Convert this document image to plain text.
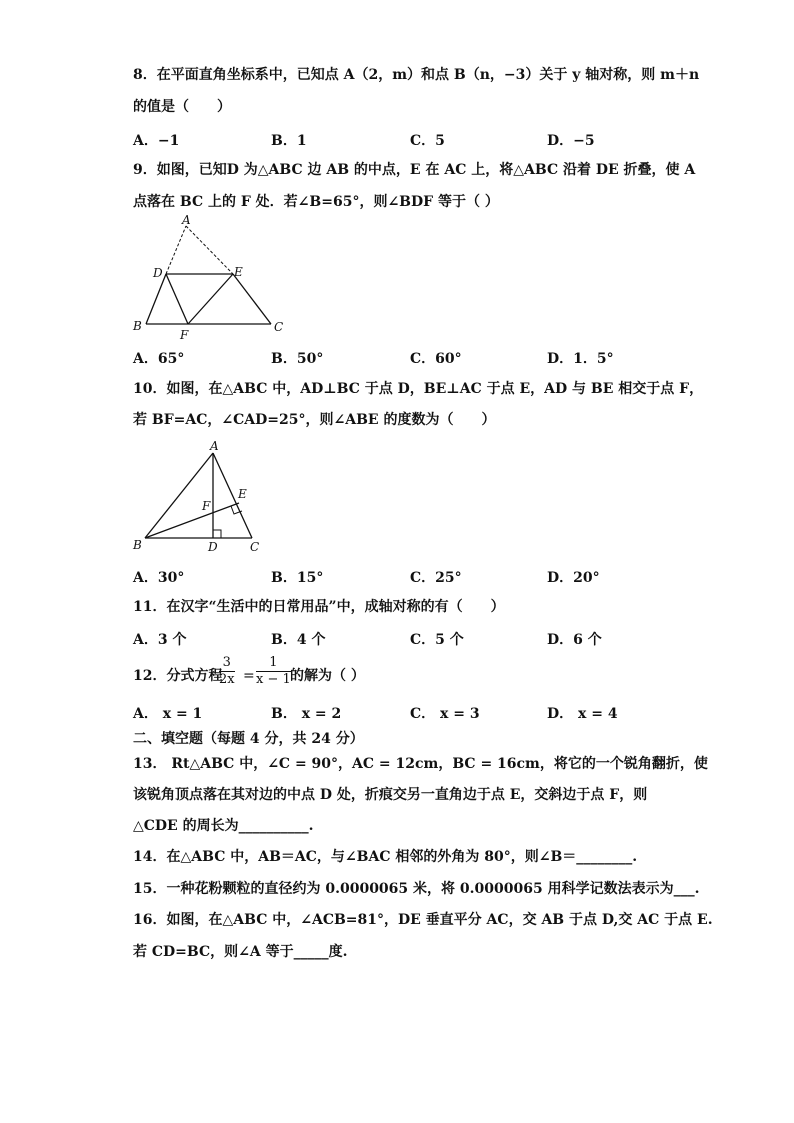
8．在平面直角坐标系中，已知点 A（2，m）和点 B（n，−3）关于 y 轴对称，则 m＋n
的值是（　　）
A．−1	B．1	C．5	D．−5
9．如图，已知D 为△ABC 边 AB 的中点，E 在 AC 上，将△ABC 沿着 DE 折叠，使 A
点落在 BC 上的 F 处．若∠B=65°，则∠BDF 等于（ ）
A
D	E
B
F
C
A．65°	B．50°	C．60°	D．1．5°
10．如图，在△ABC 中，AD⊥BC 于点 D，BE⊥AC 于点 E，AD 与 BE 相交于点 F，
若 BF=AC，∠CAD=25°，则∠ABE 的度数为（　　）
A
E
F
B	D	C
A．30°	B．15°	C．25°	D．20°
11．在汉字“生活中的日常用品”中，成轴对称的有（　　）
A．3 个	B．4 个	C．5 个	D．6 个
12．分式方程
$\frac{3}{2x} = \frac{1}{x - 1}$ 的解为（ ）
A． x = 1	B． x = 2	C． x = 3	D． x = 4
二、填空题（每题 4 分，共 24 分）
13． Rt△ABC 中，∠C = 90°，AC = 12cm，BC = 16cm，将它的一个锐角翻折，使
该锐角顶点落在其对边的中点 D 处，折痕交另一直角边于点 E，交斜边于点 F，则
△CDE 的周长为__________.
14．在△ABC 中，AB＝AC，与∠BAC 相邻的外角为 80°，则∠B＝________.
15．一种花粉颗粒的直径约为 0.0000065 米，将 0.0000065 用科学记数法表示为___.
16．如图，在△ABC 中，∠ACB=81°，DE 垂直平分 AC，交 AB 于点 D,交 AC 于点 E.
若 CD=BC，则∠A 等于_____度.
